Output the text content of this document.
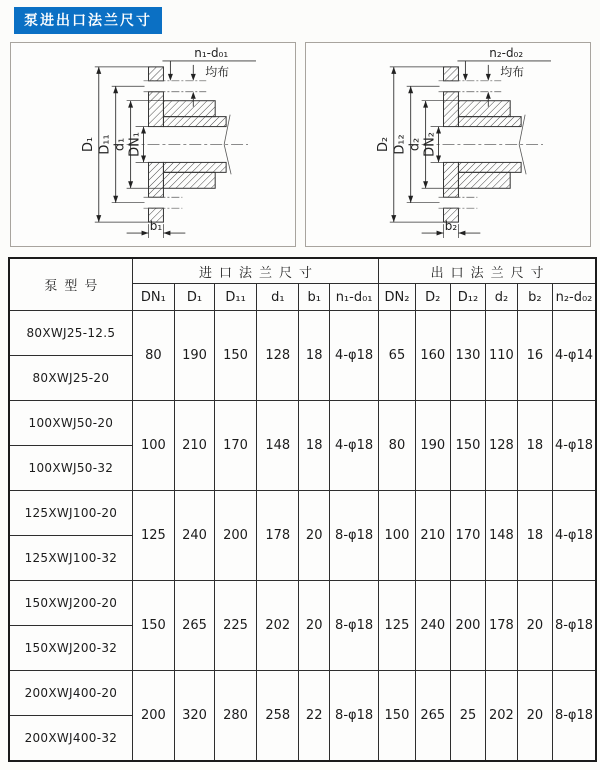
泵进出口法兰尺寸
n₁-d₀₁
均布
D₁ D₁₁ d₁ DN₁
b₁
n₂-d₀₂
均布
D₂ D₁₂ d₂ DN₂
b₂
泵型号	进口法兰尺寸						出口法兰尺寸					
	DN₁	D₁	D₁₁	d₁	b₁	n₁-d₀₁	DN₂	D₂	D₁₂	d₂	b₂	n₂-d₀₂
80XWJ25-12.5	80	190	150	128	18	4-φ18	65	160	130	110	16	4-φ14
80XWJ25-20												
100XWJ50-20	100	210	170	148	18	4-φ18	80	190	150	128	18	4-φ18
100XWJ50-32												
125XWJ100-20	125	240	200	178	20	8-φ18	100	210	170	148	18	4-φ18
125XWJ100-32												
150XWJ200-20	150	265	225	202	20	8-φ18	125	240	200	178	20	8-φ18
150XWJ200-32												
200XWJ400-20	200	320	280	258	22	8-φ18	150	265	25	202	20	8-φ18
200XWJ400-32												
